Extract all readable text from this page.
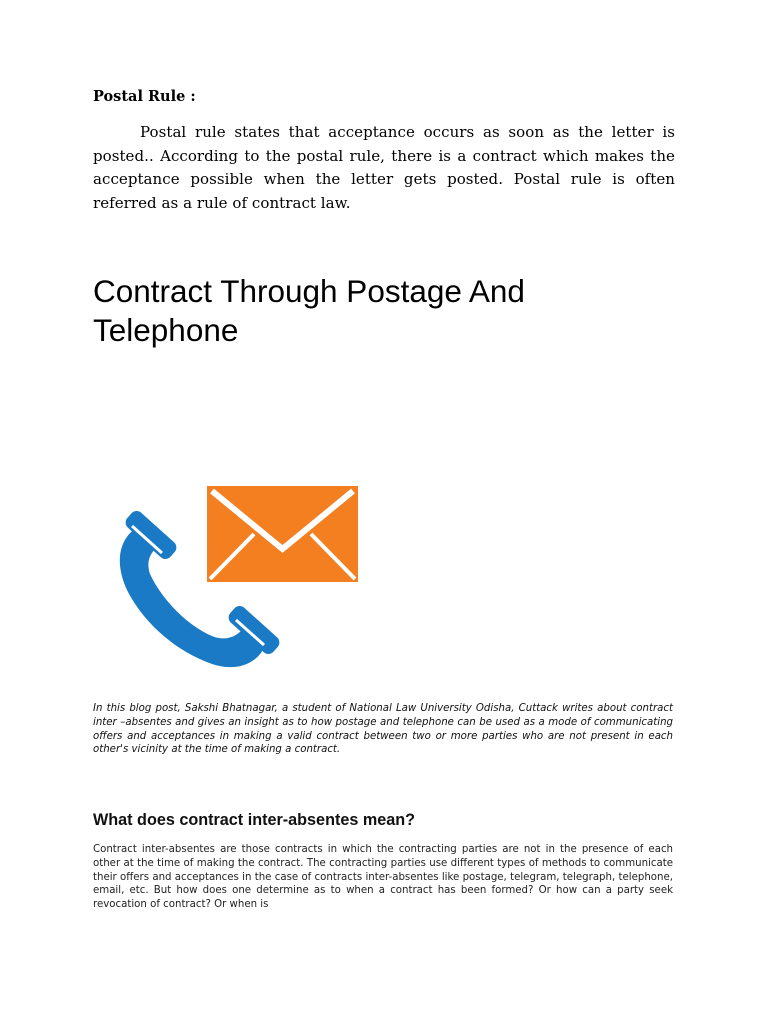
Postal Rule :

Postal rule states that acceptance occurs as soon as the letter is posted.. According to the postal rule, there is a contract which makes the acceptance possible when the letter gets posted. Postal rule is often referred as a rule of contract law.

Contract Through Postage And Telephone

In this blog post, Sakshi Bhatnagar, a student of National Law University Odisha, Cuttack writes about contract inter –absentes and gives an insight as to how postage and telephone can be used as a mode of communicating offers and acceptances in making a valid contract between two or more parties who are not present in each other's vicinity at the time of making a contract.

What does contract inter-absentes mean?

Contract inter-absentes are those contracts in which the contracting parties are not in the presence of each other at the time of making the contract. The contracting parties use different types of methods to communicate their offers and acceptances in the case of contracts inter-absentes like postage, telegram, telegraph, telephone, email, etc. But how does one determine as to when a contract has been formed? Or how can a party seek revocation of contract? Or when is
